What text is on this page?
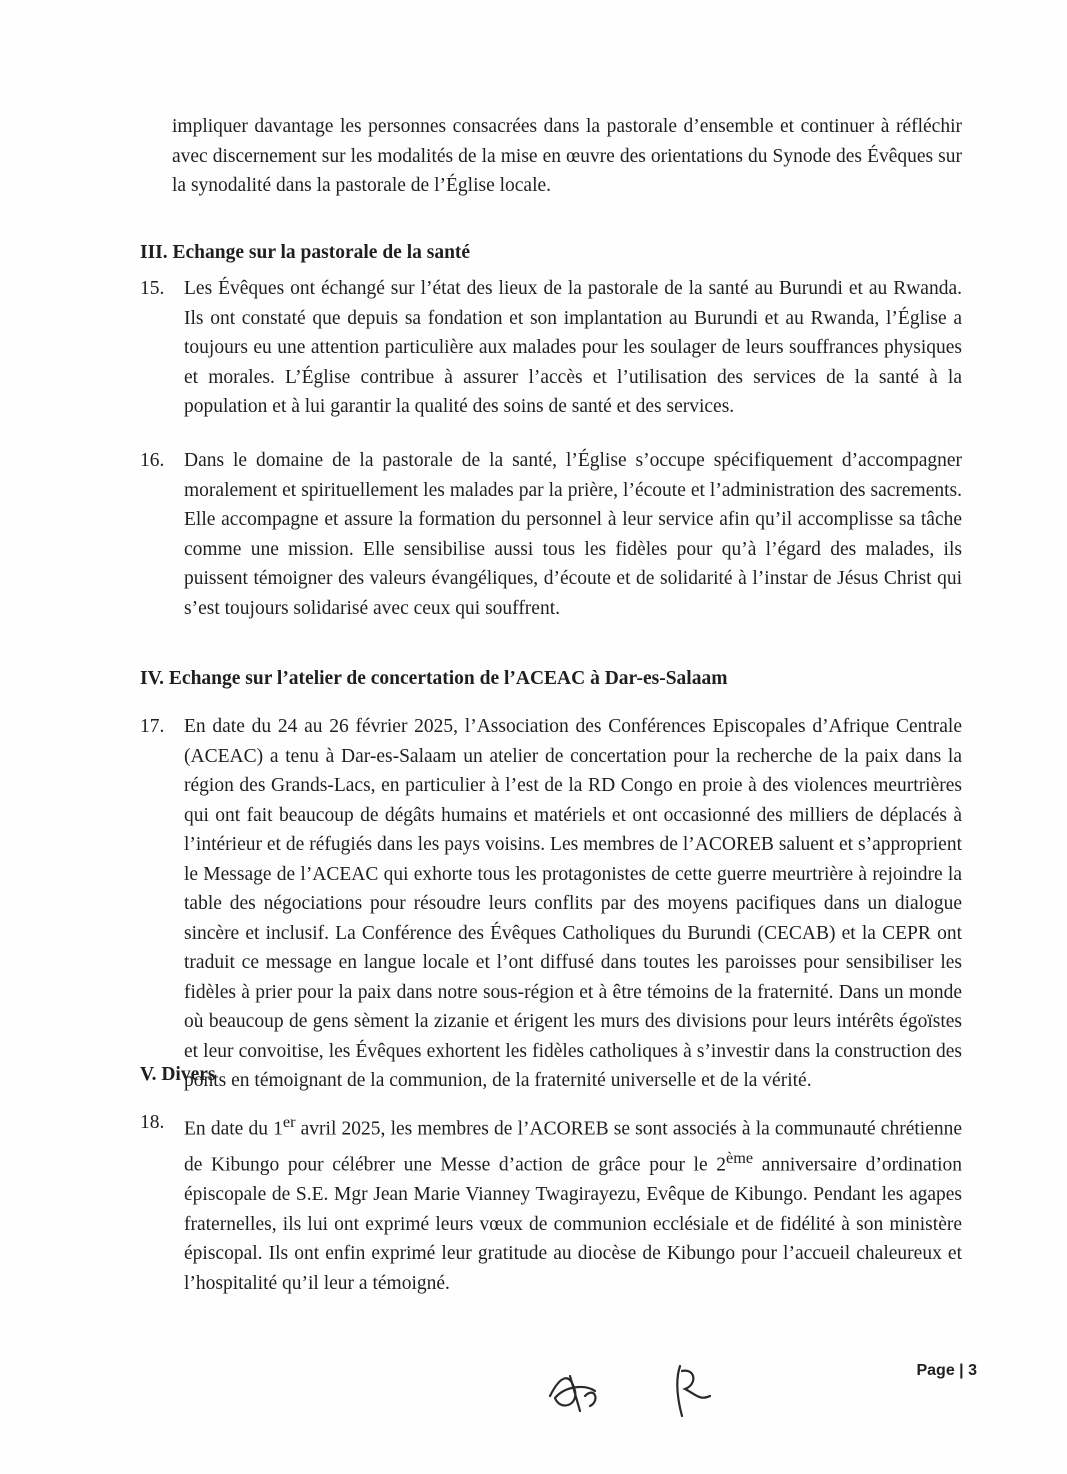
impliquer davantage les personnes consacrées dans la pastorale d’ensemble et continuer à réfléchir avec discernement sur les modalités de la mise en œuvre des orientations du Synode des Évêques sur la synodalité dans la pastorale de l’Église locale.
III. Echange sur la pastorale de la santé
15.	Les Évêques ont échangé sur l’état des lieux de la pastorale de la santé au Burundi et au Rwanda. Ils ont constaté que depuis sa fondation et son implantation au Burundi et au Rwanda, l’Église a toujours eu une attention particulière aux malades pour les soulager de leurs souffrances physiques et morales. L’Église contribue à assurer l’accès et l’utilisation des services de la santé à la population et à lui garantir la qualité des soins de santé et des services.
16.	Dans le domaine de la pastorale de la santé, l’Église s’occupe spécifiquement d’accompagner moralement et spirituellement les malades par la prière, l’écoute et l’administration des sacrements. Elle accompagne et assure la formation du personnel à leur service afin qu’il accomplisse sa tâche comme une mission. Elle sensibilise aussi tous les fidèles pour qu’à l’égard des malades, ils puissent témoigner des valeurs évangéliques, d’écoute et de solidarité à l’instar de Jésus Christ qui s’est toujours solidarisé avec ceux qui souffrent.
IV. Echange sur l’atelier de concertation de l’ACEAC à Dar-es-Salaam
17.	En date du 24 au 26 février 2025, l’Association des Conférences Episcopales d’Afrique Centrale (ACEAC) a tenu à Dar-es-Salaam un atelier de concertation pour la recherche de la paix dans la région des Grands-Lacs, en particulier à l’est de la RD Congo en proie à des violences meurtrières qui ont fait beaucoup de dégâts humains et matériels et ont occasionné des milliers de déplacés à l’intérieur et de réfugiés dans les pays voisins. Les membres de l’ACOREB saluent et s’approprient le Message de l’ACEAC qui exhorte tous les protagonistes de cette guerre meurtrière à rejoindre la table des négociations pour résoudre leurs conflits par des moyens pacifiques dans un dialogue sincère et inclusif. La Conférence des Évêques Catholiques du Burundi (CECAB) et la CEPR ont traduit ce message en langue locale et l’ont diffusé dans toutes les paroisses pour sensibiliser les fidèles à prier pour la paix dans notre sous-région et à être témoins de la fraternité. Dans un monde où beaucoup de gens sèment la zizanie et érigent les murs des divisions pour leurs intérêts égoïstes et leur convoitise, les Évêques exhortent les fidèles catholiques à s’investir dans la construction des ponts en témoignant de la communion, de la fraternité universelle et de la vérité.
V. Divers
18.	En date du 1er avril 2025, les membres de l’ACOREB se sont associés à la communauté chrétienne de Kibungo pour célébrer une Messe d’action de grâce pour le 2ème anniversaire d’ordination épiscopale de S.E. Mgr Jean Marie Vianney Twagirayezu, Evêque de Kibungo. Pendant les agapes fraternelles, ils lui ont exprimé leurs vœux de communion ecclésiale et de fidélité à son ministère épiscopal. Ils ont enfin exprimé leur gratitude au diocèse de Kibungo pour l’accueil chaleureux et l’hospitalité qu’il leur a témoigné.
Page | 3
